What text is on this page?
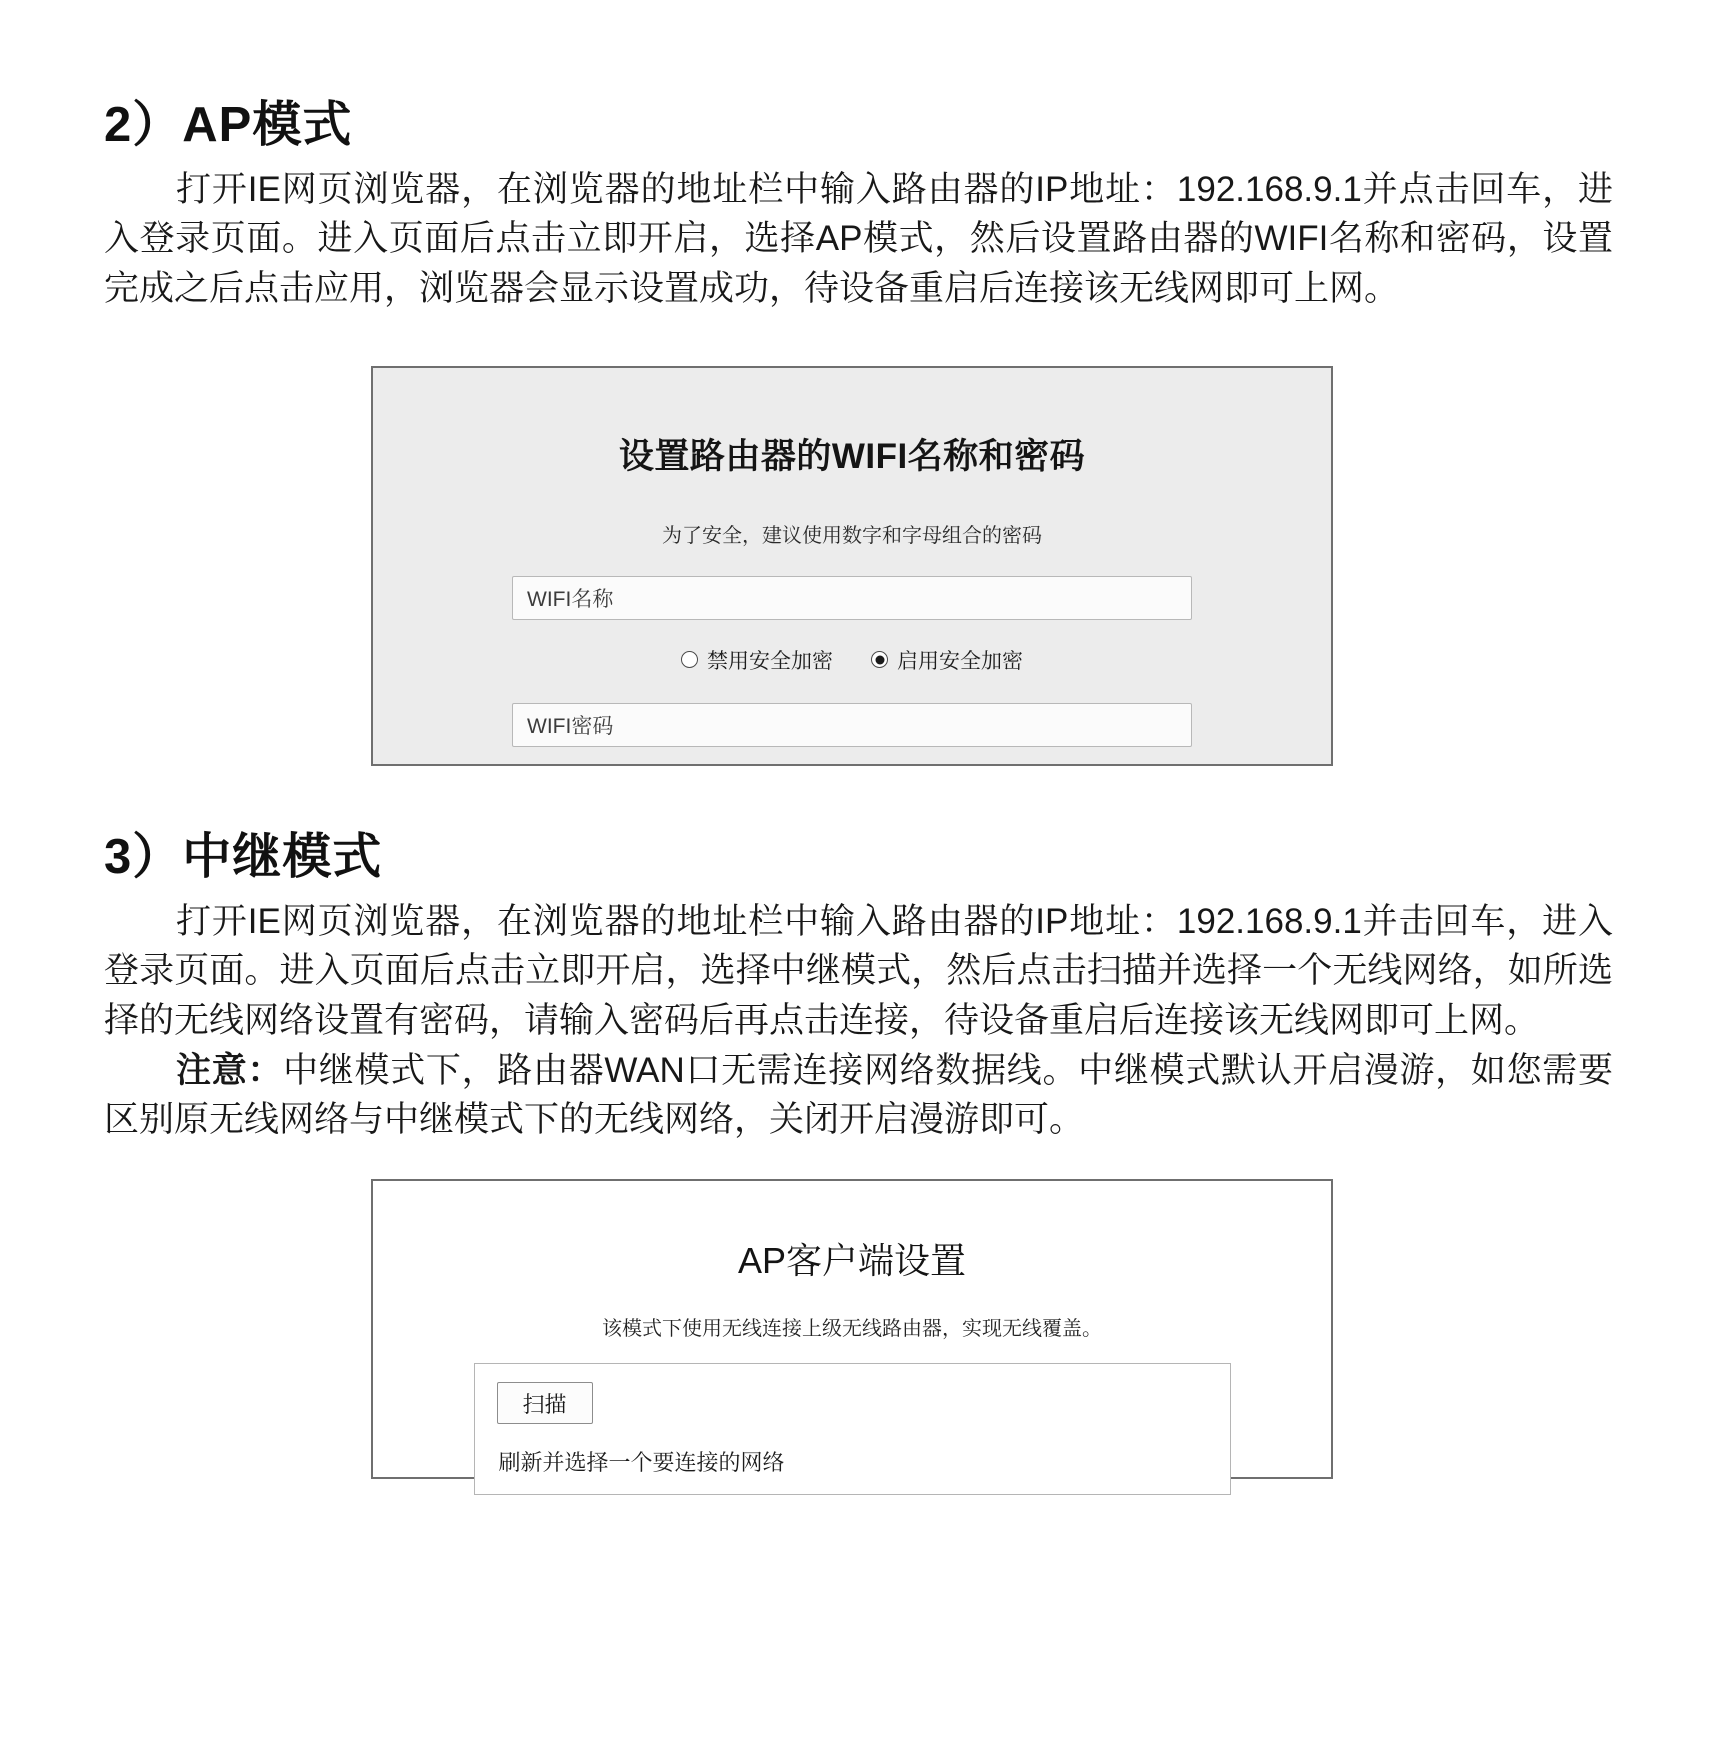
2）AP模式

打开IE网页浏览器，在浏览器的地址栏中输入路由器的IP地址：192.168.9.1并点击回车，进入登录页面。进入页面后点击立即开启，选择AP模式，然后设置路由器的WIFI名称和密码，设置完成之后点击应用，浏览器会显示设置成功，待设备重启后连接该无线网即可上网。

设置路由器的WIFI名称和密码
为了安全，建议使用数字和字母组合的密码
WIFI名称
禁用安全加密	启用安全加密
WIFI密码
3）中继模式

打开IE网页浏览器，在浏览器的地址栏中输入路由器的IP地址：192.168.9.1并击回车，进入登录页面。进入页面后点击立即开启，选择中继模式，然后点击扫描并选择一个无线网络，如所选择的无线网络设置有密码，请输入密码后再点击连接，待设备重启后连接该无线网即可上网。

注意：中继模式下，路由器WAN口无需连接网络数据线。中继模式默认开启漫游，如您需要区别原无线网络与中继模式下的无线网络，关闭开启漫游即可。

AP客户端设置
该模式下使用无线连接上级无线路由器，实现无线覆盖。
扫描
刷新并选择一个要连接的网络
